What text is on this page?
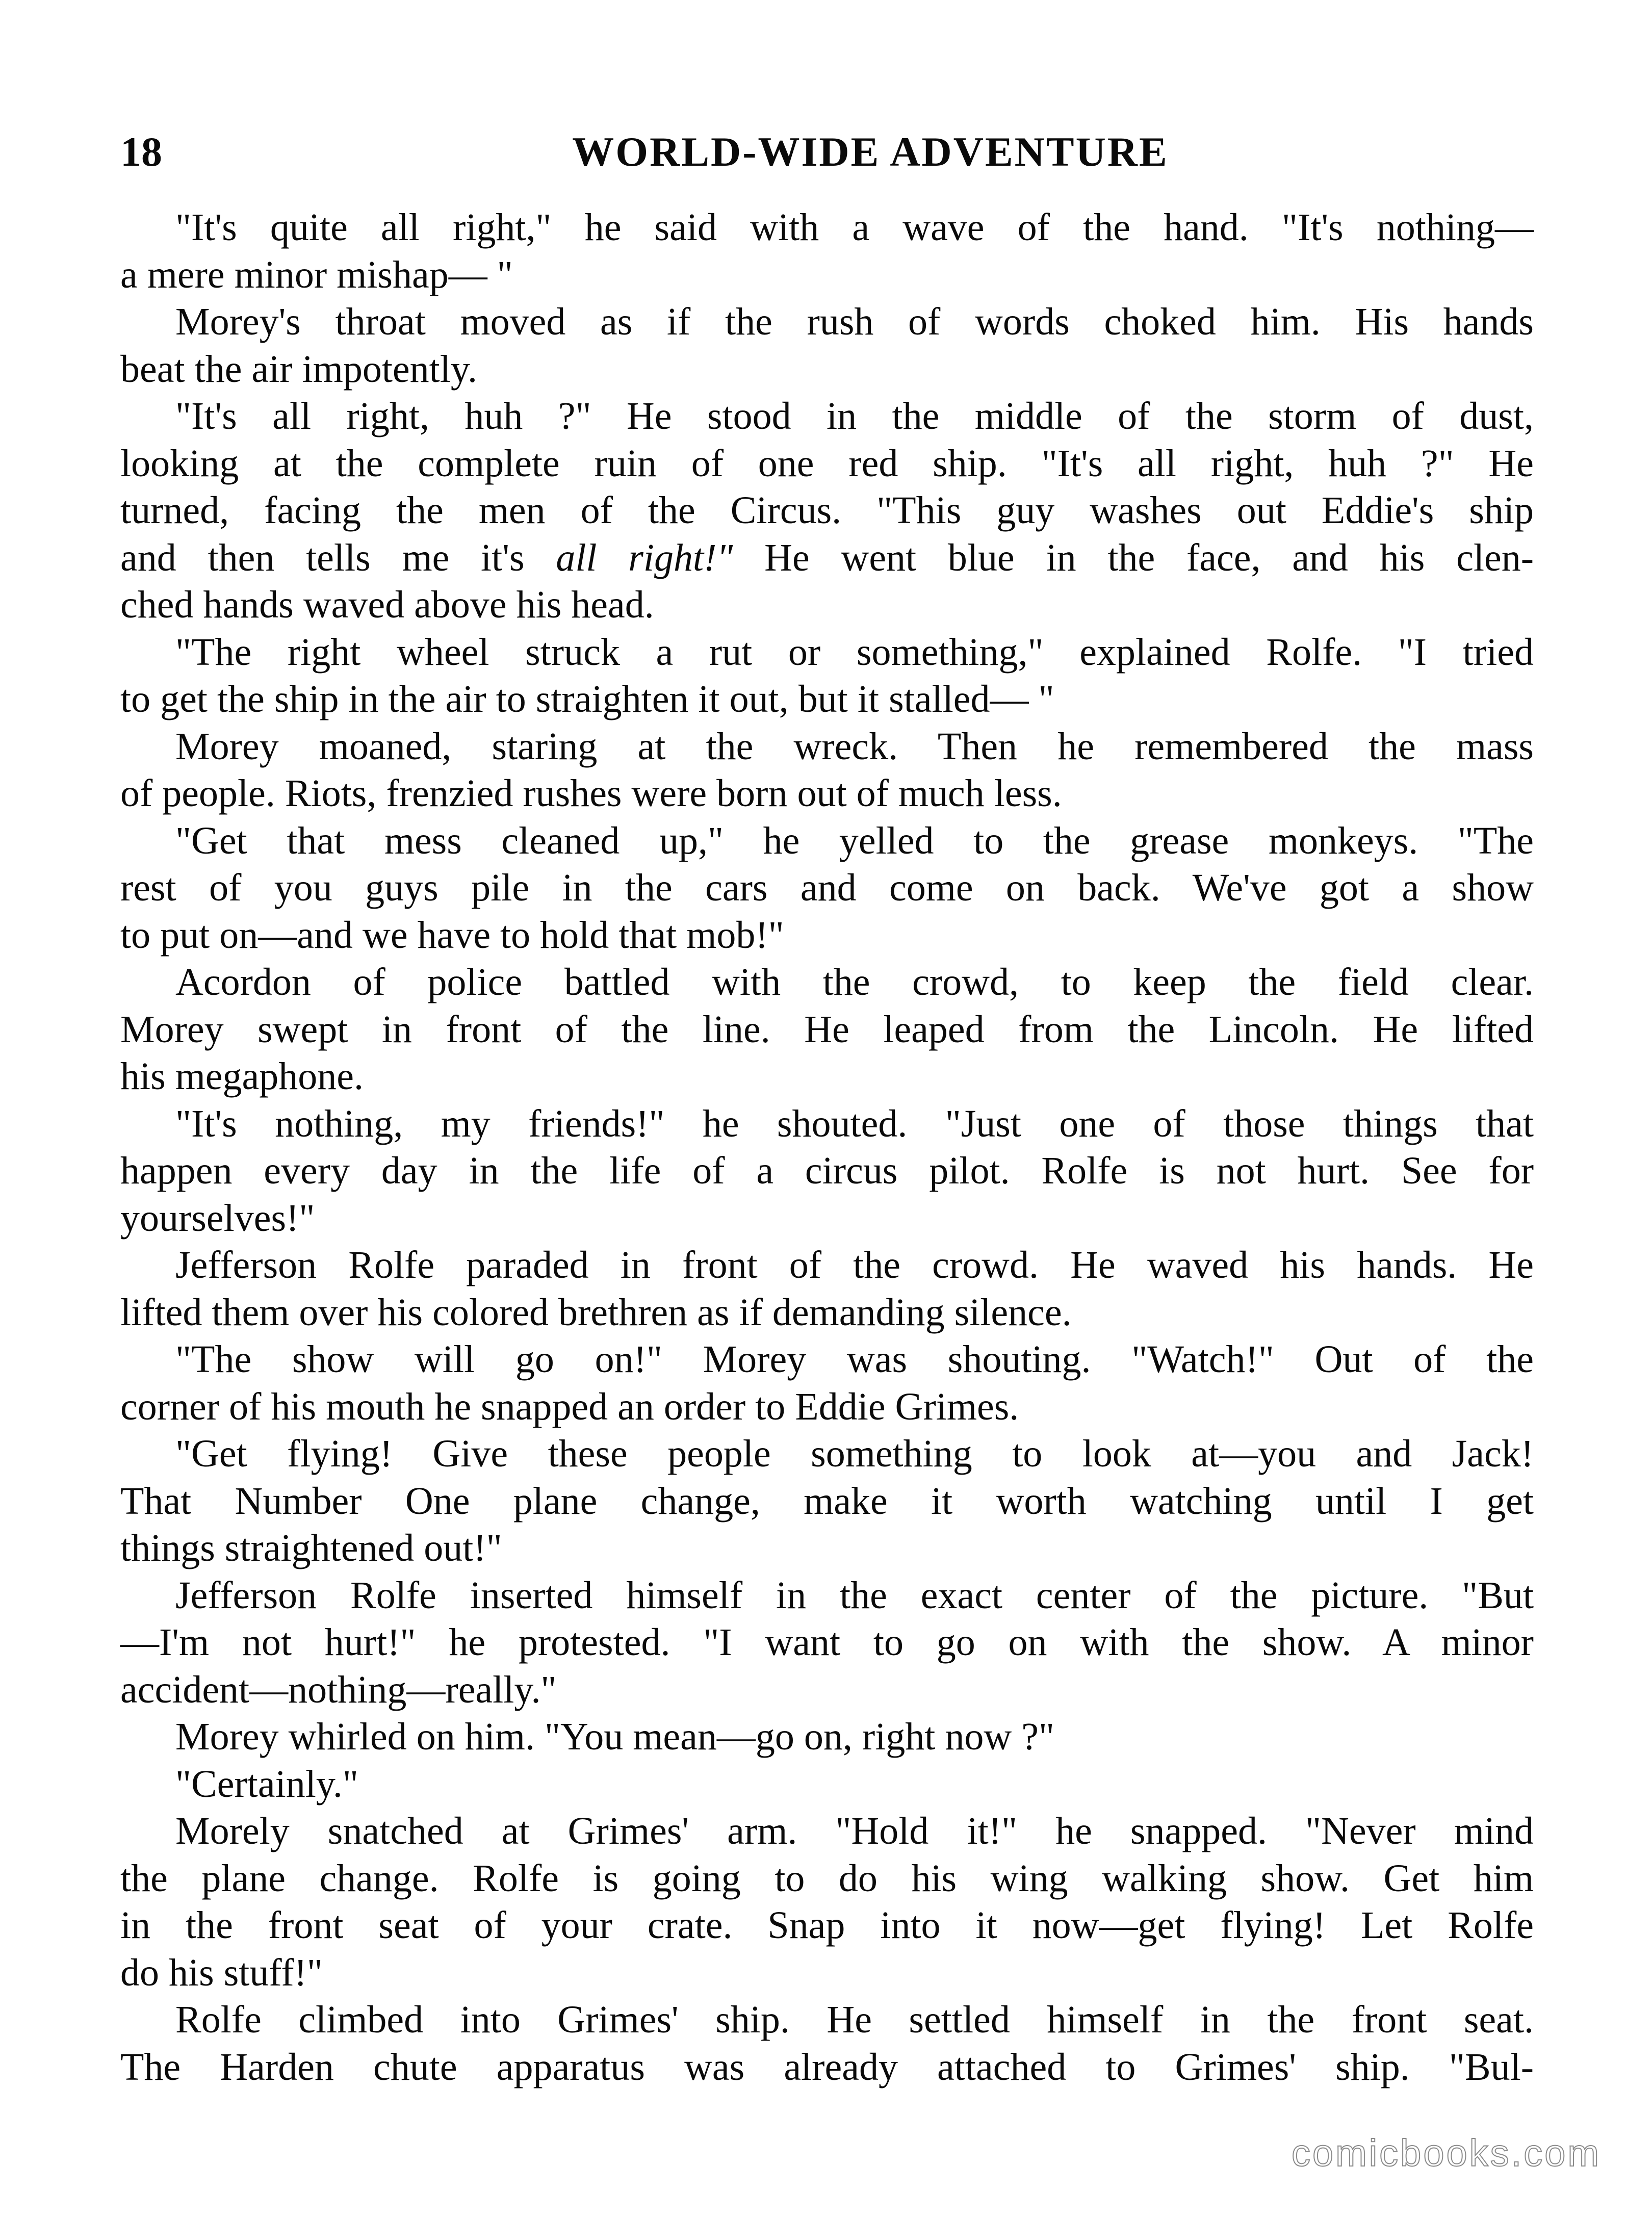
18	WORLD-WIDE ADVENTURE
"It's quite all right," he said with a wave of the hand. "It's nothing—
a mere minor mishap— "
Morey's throat moved as if the rush of words choked him. His hands
beat the air impotently.
"It's all right, huh ?" He stood in the middle of the storm of dust,
looking at the complete ruin of one red ship. "It's all right, huh ?" He
turned, facing the men of the Circus. "This guy washes out Eddie's ship
and then tells me it's all right!" He went blue in the face, and his clen-
ched hands waved above his head.
"The right wheel struck a rut or something," explained Rolfe. "I tried
to get the ship in the air to straighten it out, but it stalled— "
Morey moaned, staring at the wreck. Then he remembered the mass
of people. Riots, frenzied rushes were born out of much less.
"Get that mess cleaned up," he yelled to the grease monkeys. "The
rest of you guys pile in the cars and come on back. We've got a show
to put on—and we have to hold that mob!"
Acordon of police battled with the crowd, to keep the field clear.
Morey swept in front of the line. He leaped from the Lincoln. He lifted
his megaphone.
"It's nothing, my friends!" he shouted. "Just one of those things that
happen every day in the life of a circus pilot. Rolfe is not hurt. See for
yourselves!"
Jefferson Rolfe paraded in front of the crowd. He waved his hands. He
lifted them over his colored brethren as if demanding silence.
"The show will go on!" Morey was shouting. "Watch!" Out of the
corner of his mouth he snapped an order to Eddie Grimes.
"Get flying! Give these people something to look at—you and Jack!
That Number One plane change, make it worth watching until I get
things straightened out!"
Jefferson Rolfe inserted himself in the exact center of the picture. "But
—I'm not hurt!" he protested. "I want to go on with the show. A minor
accident—nothing—really."
Morey whirled on him. "You mean—go on, right now ?"
"Certainly."
Morely snatched at Grimes' arm. "Hold it!" he snapped. "Never mind
the plane change. Rolfe is going to do his wing walking show. Get him
in the front seat of your crate. Snap into it now—get flying! Let Rolfe
do his stuff!"
Rolfe climbed into Grimes' ship. He settled himself in the front seat.
The Harden chute apparatus was already attached to Grimes' ship. "Bul-
comicbooks.com
